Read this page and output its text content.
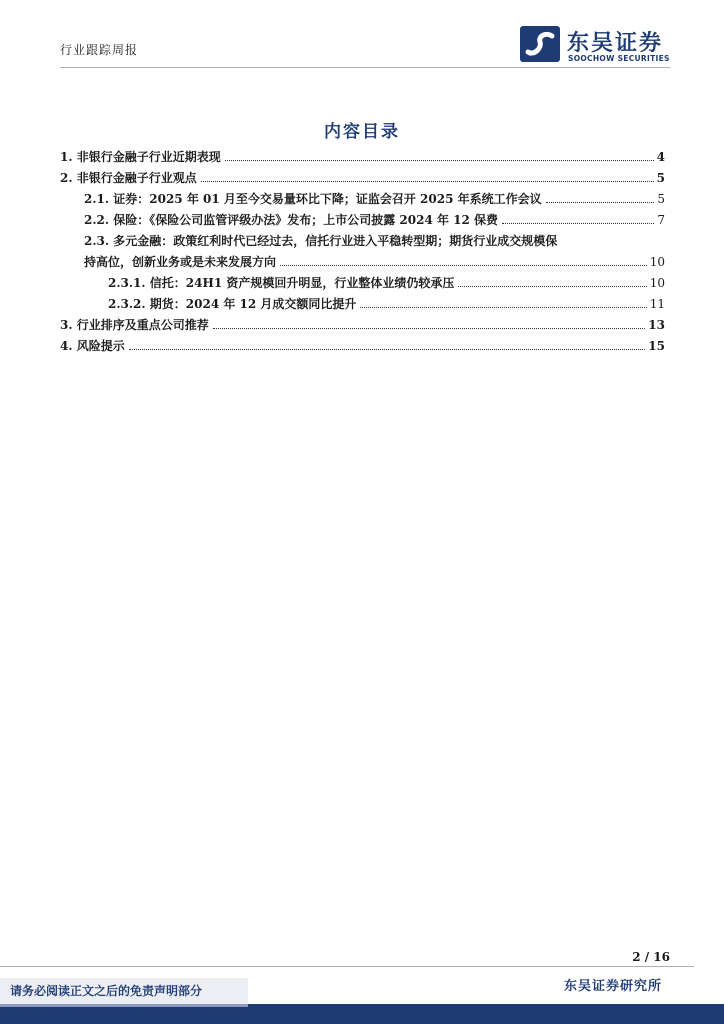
行业跟踪周报	东吴证券
SOOCHOW SECURITIES
内容目录
1. 非银行金融子行业近期表现	4
2. 非银行金融子行业观点	5
2.1. 证券：2025 年 01 月至今交易量环比下降；证监会召开 2025 年系统工作会议	5
2.2. 保险：《保险公司监管评级办法》发布；上市公司披露 2024 年 12 保费	7
2.3. 多元金融：政策红利时代已经过去，信托行业进入平稳转型期；期货行业成交规模保
持高位，创新业务或是未来发展方向	10
2.3.1. 信托：24H1 资产规模回升明显，行业整体业绩仍较承压	10
2.3.2. 期货：2024 年 12 月成交额同比提升	11
3. 行业排序及重点公司推荐	13
4. 风险提示	15
2 / 16
请务必阅读正文之后的免责声明部分	东吴证券研究所
